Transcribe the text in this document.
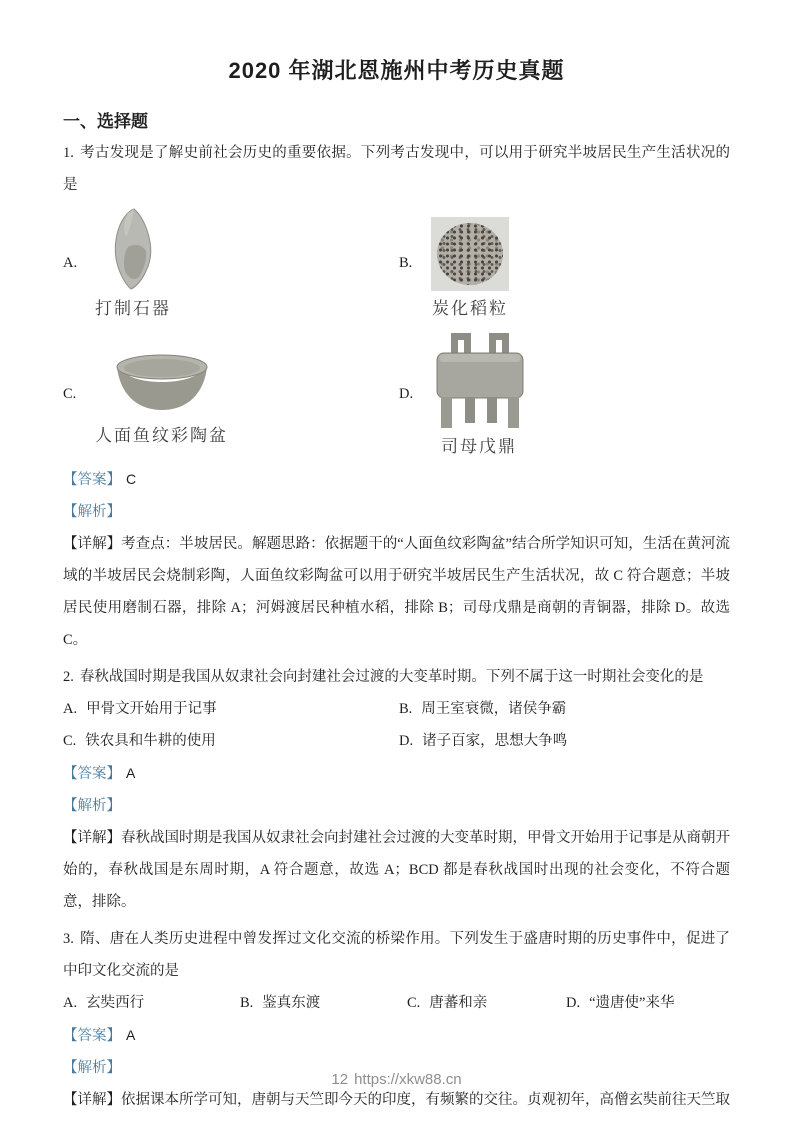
2020 年湖北恩施州中考历史真题
一、选择题

1. 考古发现是了解史前社会历史的重要依据。下列考古发现中，可以用于研究半坡居民生产生活状况的是

A.
打制石器
B.
炭化稻粒
C.
人面鱼纹彩陶盆
D.
司母戊鼎

【答案】 C

【解析】

【详解】考查点：半坡居民。解题思路：依据题干的“人面鱼纹彩陶盆”结合所学知识可知，生活在黄河流域的半坡居民会烧制彩陶，人面鱼纹彩陶盆可以用于研究半坡居民生产生活状况，故 C 符合题意；半坡居民使用磨制石器，排除 A；河姆渡居民种植水稻，排除 B；司母戊鼎是商朝的青铜器，排除 D。故选 C。

2. 春秋战国时期是我国从奴隶社会向封建社会过渡的大变革时期。下列不属于这一时期社会变化的是

A. 甲骨文开始用于记事	B. 周王室衰微，诸侯争霸
C. 铁农具和牛耕的使用	D. 诸子百家，思想大争鸣

【答案】 A

【解析】

【详解】春秋战国时期是我国从奴隶社会向封建社会过渡的大变革时期，甲骨文开始用于记事是从商朝开始的，春秋战国是东周时期，A 符合题意，故选 A；BCD 都是春秋战国时出现的社会变化，不符合题意，排除。

3. 隋、唐在人类历史进程中曾发挥过文化交流的桥梁作用。下列发生于盛唐时期的历史事件中，促进了中印文化交流的是

A. 玄奘西行	B. 鉴真东渡	C. 唐蕃和亲	D. “遗唐使”来华

【答案】 A

【解析】

【详解】依据课本所学可知，唐朝与天竺即今天的印度，有频繁的交往。贞观初年，高僧玄奘前往天竺取

12 https://xkw88.cn
